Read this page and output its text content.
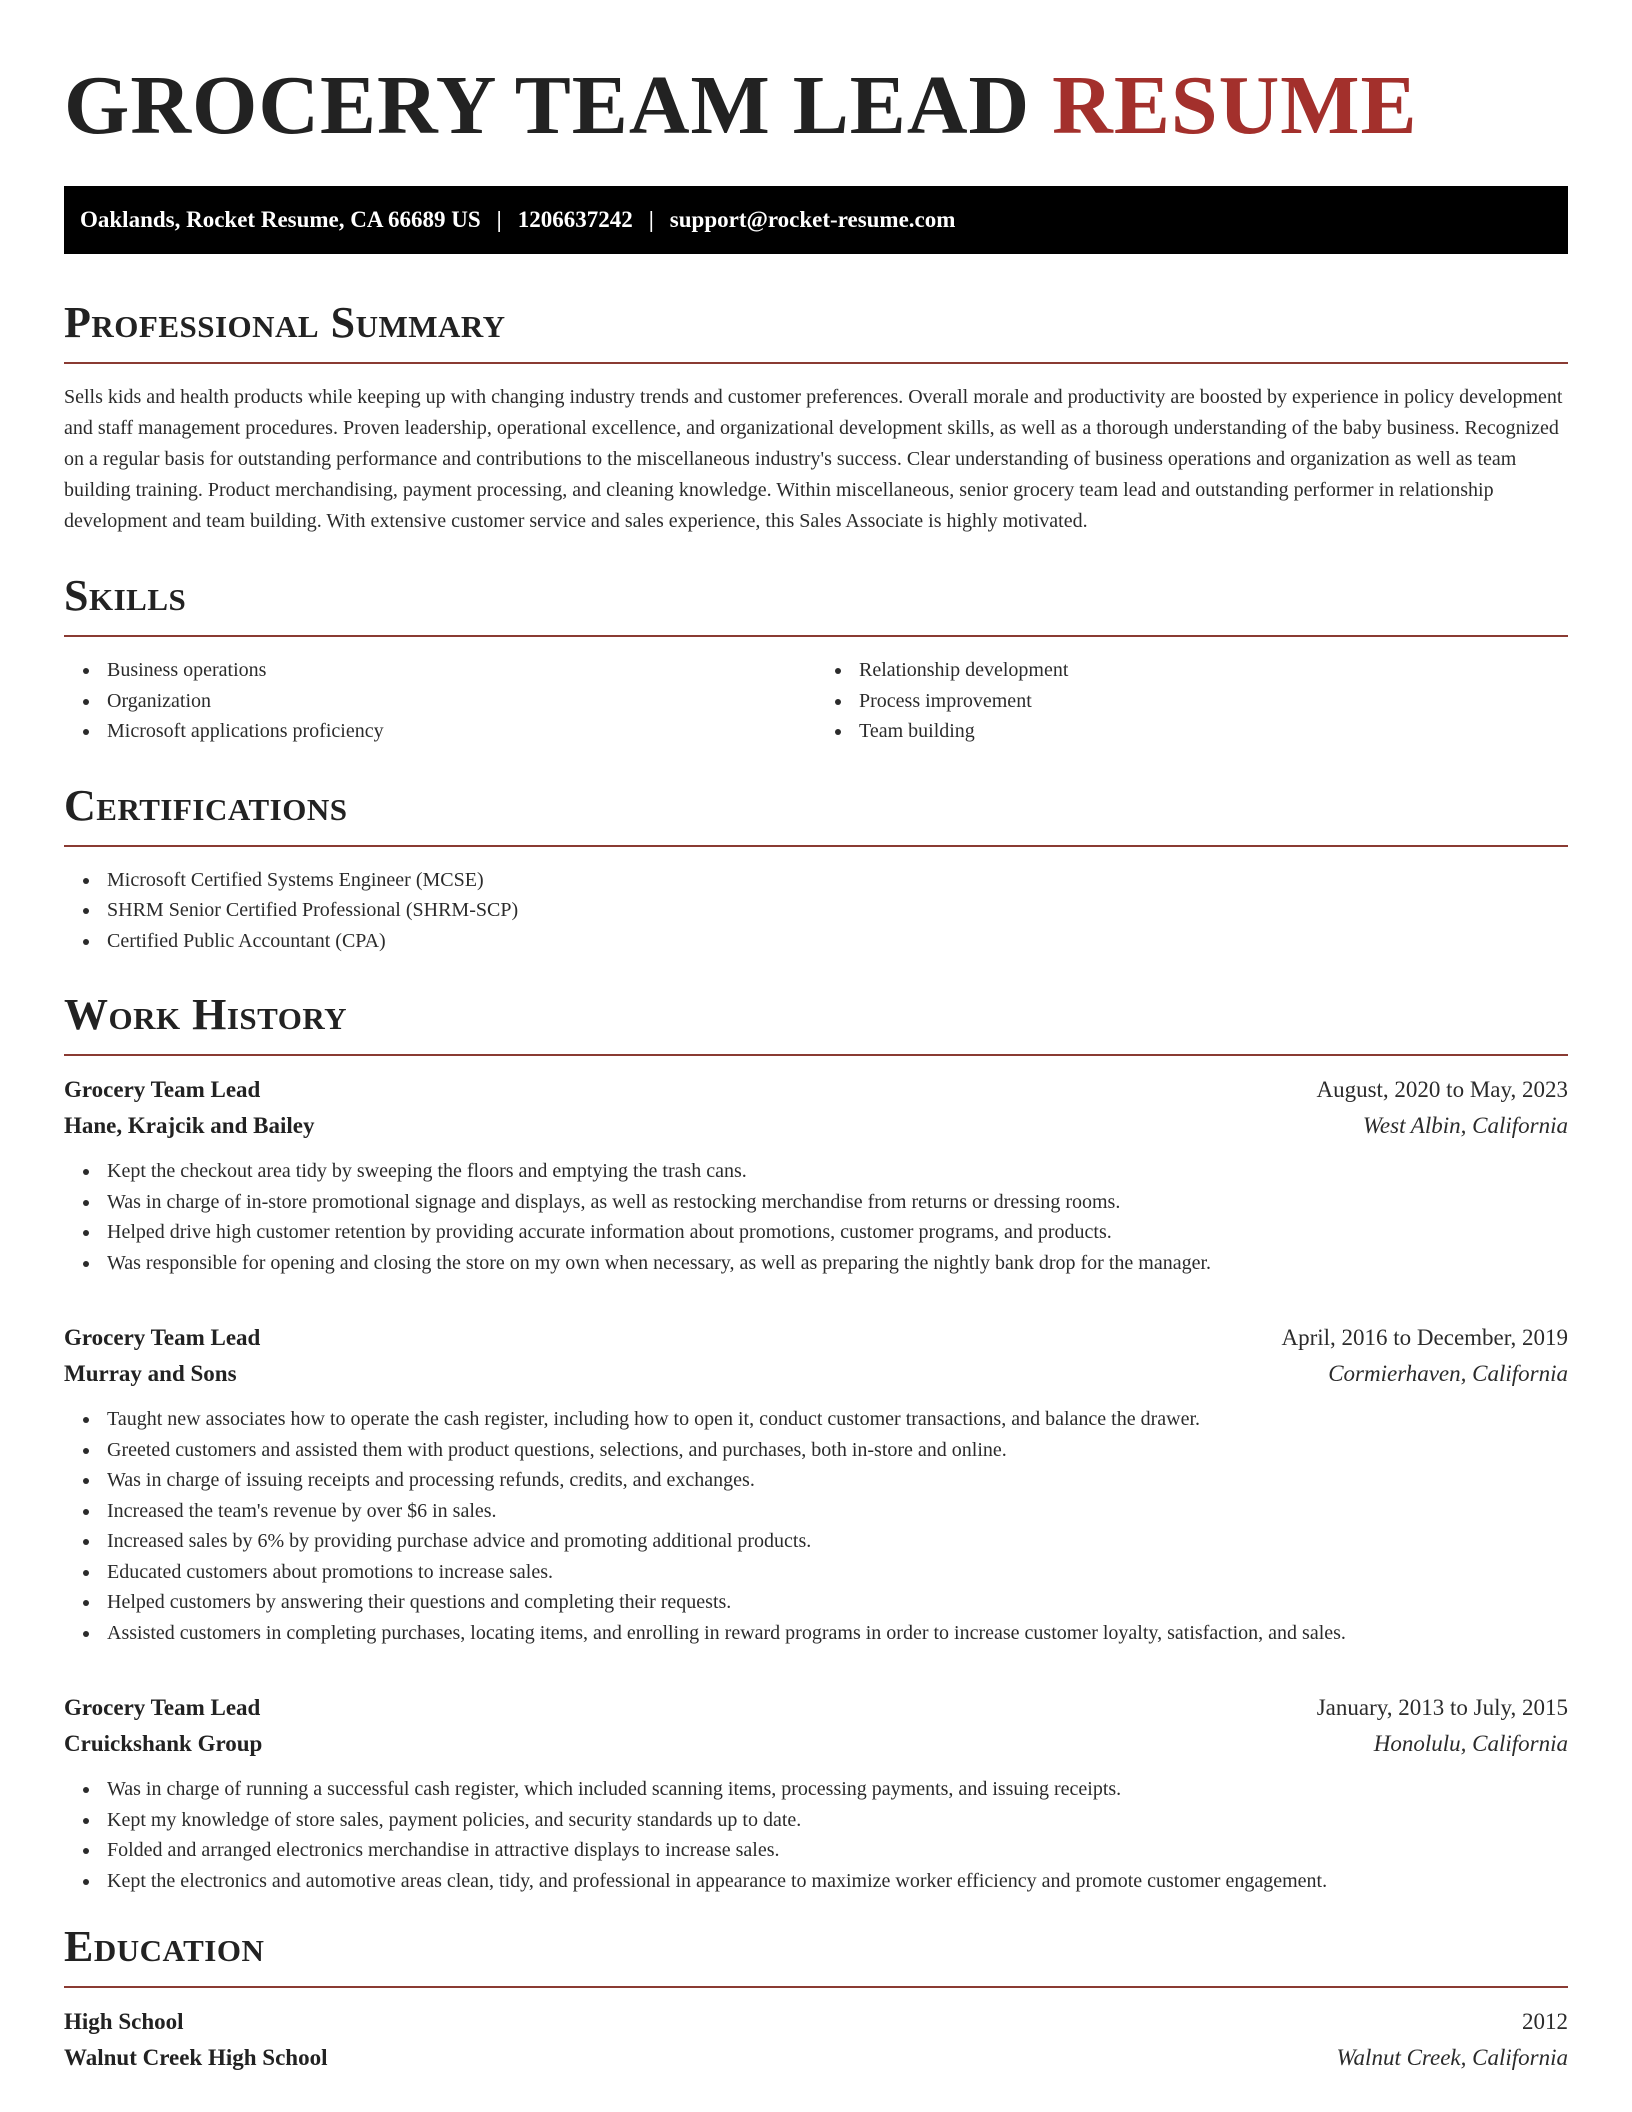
GROCERY TEAM LEAD RESUME
Oaklands, Rocket Resume, CA 66689 US | 1206637242 | support@rocket-resume.com
Professional Summary

Sells kids and health products while keeping up with changing industry trends and customer preferences. Overall morale and productivity are boosted by experience in policy development and staff management procedures. Proven leadership, operational excellence, and organizational development skills, as well as a thorough understanding of the baby business. Recognized on a regular basis for outstanding performance and contributions to the miscellaneous industry's success. Clear understanding of business operations and organization as well as team building training. Product merchandising, payment processing, and cleaning knowledge. Within miscellaneous, senior grocery team lead and outstanding performer in relationship development and team building. With extensive customer service and sales experience, this Sales Associate is highly motivated.

Skills
Business operations
Organization
Microsoft applications proficiency
Relationship development
Process improvement
Team building
Certifications
Microsoft Certified Systems Engineer (MCSE)
SHRM Senior Certified Professional (SHRM-SCP)
Certified Public Accountant (CPA)
Work History
Grocery Team Lead	August, 2020 to May, 2023
Hane, Krajcik and Bailey	West Albin, California
Kept the checkout area tidy by sweeping the floors and emptying the trash cans.
Was in charge of in-store promotional signage and displays, as well as restocking merchandise from returns or dressing rooms.
Helped drive high customer retention by providing accurate information about promotions, customer programs, and products.
Was responsible for opening and closing the store on my own when necessary, as well as preparing the nightly bank drop for the manager.
Grocery Team Lead	April, 2016 to December, 2019
Murray and Sons	Cormierhaven, California
Taught new associates how to operate the cash register, including how to open it, conduct customer transactions, and balance the drawer.
Greeted customers and assisted them with product questions, selections, and purchases, both in-store and online.
Was in charge of issuing receipts and processing refunds, credits, and exchanges.
Increased the team's revenue by over $6 in sales.
Increased sales by 6% by providing purchase advice and promoting additional products.
Educated customers about promotions to increase sales.
Helped customers by answering their questions and completing their requests.
Assisted customers in completing purchases, locating items, and enrolling in reward programs in order to increase customer loyalty, satisfaction, and sales.
Grocery Team Lead	January, 2013 to July, 2015
Cruickshank Group	Honolulu, California
Was in charge of running a successful cash register, which included scanning items, processing payments, and issuing receipts.
Kept my knowledge of store sales, payment policies, and security standards up to date.
Folded and arranged electronics merchandise in attractive displays to increase sales.
Kept the electronics and automotive areas clean, tidy, and professional in appearance to maximize worker efficiency and promote customer engagement.
Education
High School	2012
Walnut Creek High School	Walnut Creek, California
